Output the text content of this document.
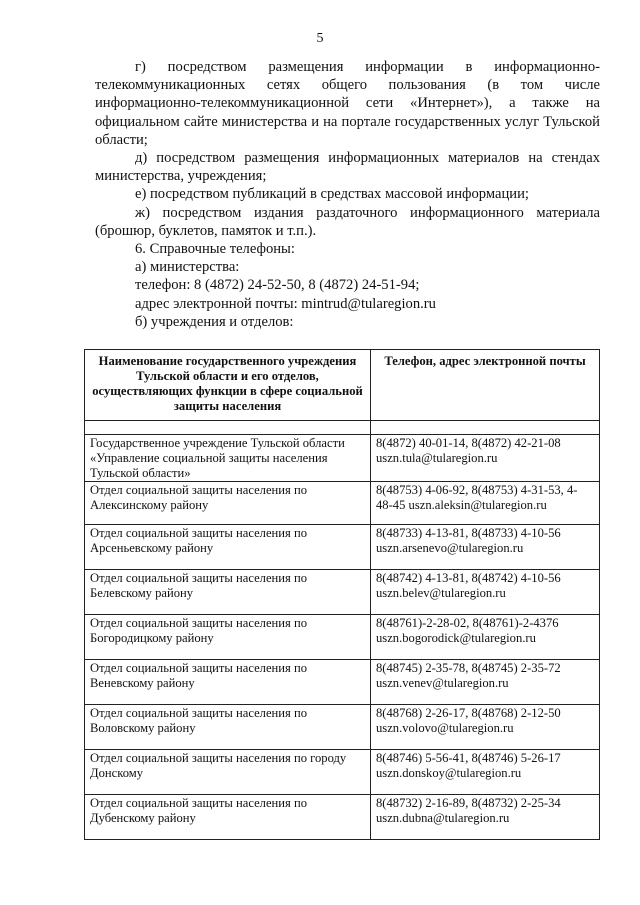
5

г) посредством размещения информации в информационно-телекоммуникационных сетях общего пользования (в том числе информационно-телекоммуникационной сети «Интернет»), а также на официальном сайте министерства и на портале государственных услуг Тульской области;

д) посредством размещения информационных материалов на стендах министерства, учреждения;

е) посредством публикаций в средствах массовой информации;

ж) посредством издания раздаточного информационного материала (брошюр, буклетов, памяток и т.п.).

6. Справочные телефоны:

а) министерства:

телефон: 8 (4872) 24-52-50, 8 (4872) 24-51-94;

адрес электронной почты: mintrud@tularegion.ru

б) учреждения и отделов:

Наименование государственного учреждения Тульской области и его отделов, осуществляющих функции в сфере социальной защиты населения	Телефон, адрес электронной почты

Государственное учреждение Тульской области «Управление социальной защиты населения Тульской области»	8(4872) 40-01-14, 8(4872) 42-21-08
uszn.tula@tularegion.ru
Отдел социальной защиты населения по Алексинскому району	8(48753) 4-06-92, 8(48753) 4-31-53, 4-48-45 uszn.aleksin@tularegion.ru
Отдел социальной защиты населения по Арсеньевскому району	8(48733) 4-13-81, 8(48733) 4-10-56
uszn.arsenevo@tularegion.ru
Отдел социальной защиты населения по Белевскому району	8(48742) 4-13-81, 8(48742) 4-10-56
uszn.belev@tularegion.ru
Отдел социальной защиты населения по Богородицкому району	8(48761)-2-28-02, 8(48761)-2-4376
uszn.bogorodick@tularegion.ru
Отдел социальной защиты населения по Веневскому району	8(48745) 2-35-78, 8(48745) 2-35-72
uszn.venev@tularegion.ru
Отдел социальной защиты населения по Воловскому району	8(48768) 2-26-17, 8(48768) 2-12-50
uszn.volovo@tularegion.ru
Отдел социальной защиты населения по городу Донскому	8(48746) 5-56-41, 8(48746) 5-26-17
uszn.donskoy@tularegion.ru
Отдел социальной защиты населения по Дубенскому району	8(48732) 2-16-89, 8(48732) 2-25-34
uszn.dubna@tularegion.ru
